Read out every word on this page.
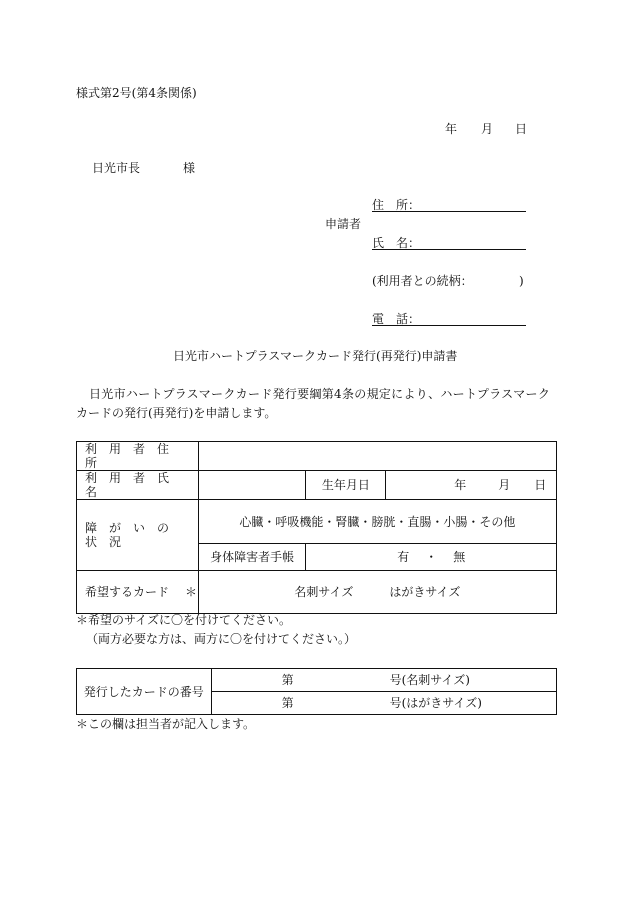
様式第2号(第4条関係)
年 月 日
日光市長	様
申請者
住　所：
氏　名：
(利用者との続柄：	)
電　話：
日光市ハートプラスマークカード発行(再発行)申請書
日光市ハートプラスマークカード発行要綱第4条の規定により、ハートプラスマーク
カードの発行(再発行)を申請します。
利用者住所			
利用者氏名		生年月日	年 月 日
障がいの状況	心臓・呼吸機能・腎臓・膀胱・直腸・小腸・その他		
	身体障害者手帳	有 ・ 無	
希望するカード ＊	名刺サイズ はがきサイズ		
＊希望のサイズに〇を付けてください。
（両方必要な方は、両方に〇を付けてください。）
発行したカードの番号	第	号(名刺サイズ)
第	号(はがきサイズ)
＊この欄は担当者が記入します。
